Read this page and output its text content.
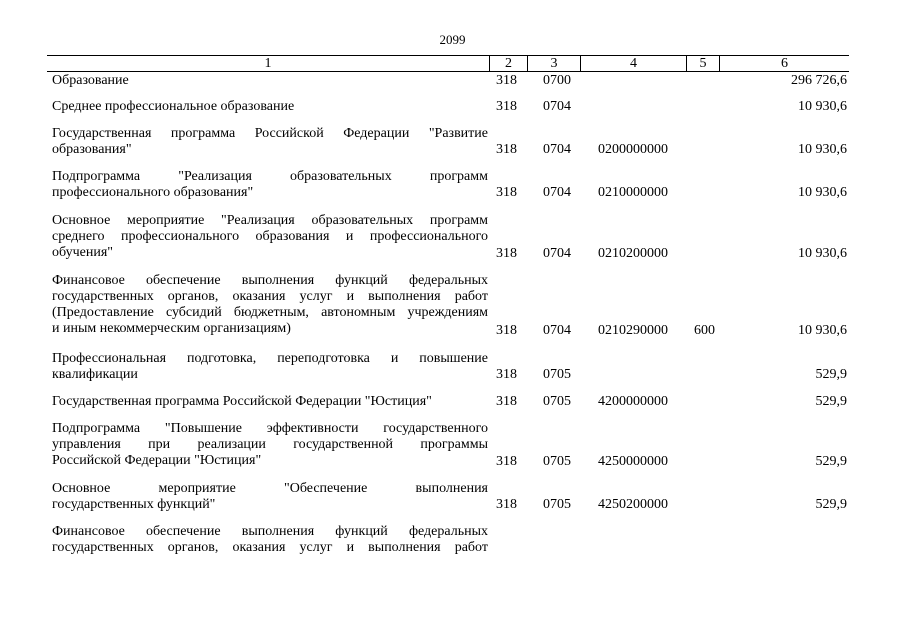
2099
1	2	3	4	5	6
Образование	318 0700	296 726,6
Среднее профессиональное образование	318 0704	10 930,6
Государственная программа Российской Федерации "Развитие
образования"	318 0704 0200000000	10 930,6
Подпрограмма "Реализация образовательных программ
профессионального образования"	318 0704 0210000000	10 930,6
Основное мероприятие "Реализация образовательных программ
среднего профессионального образования и профессионального
обучения"	318 0704 0210200000	10 930,6
Финансовое обеспечение выполнения функций федеральных
государственных органов, оказания услуг и выполнения работ
(Предоставление субсидий бюджетным, автономным учреждениям
и иным некоммерческим организациям)	318 0704 0210290000 600	10 930,6
Профессиональная подготовка, переподготовка и повышение
квалификации	318 0705	529,9
Государственная программа Российской Федерации "Юстиция"	318 0705 4200000000	529,9
Подпрограмма "Повышение эффективности государственного
управления при реализации государственной программы
Российской Федерации "Юстиция"	318 0705 4250000000	529,9
Основное мероприятие "Обеспечение выполнения
государственных функций"	318 0705 4250200000	529,9
Финансовое обеспечение выполнения функций федеральных
государственных органов, оказания услуг и выполнения работ
